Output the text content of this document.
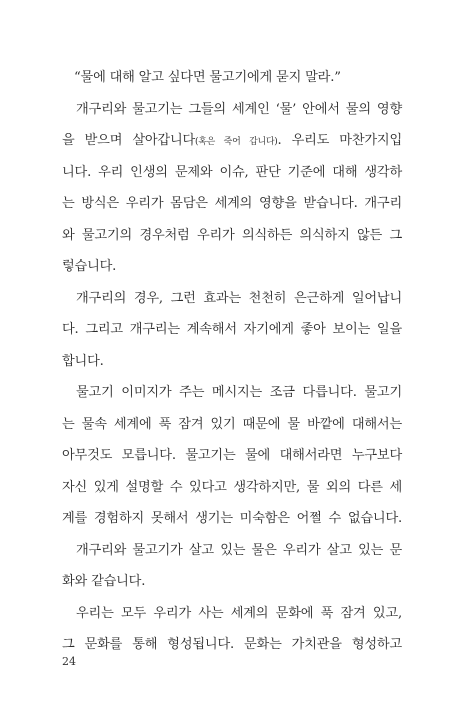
“물에 대해 알고 싶다면 물고기에게 묻지 말라.”
개구리와 물고기는 그들의 세계인 ‘물’ 안에서 물의 영향
을 받으며 살아갑니다(혹은 죽어 갑니다). 우리도 마찬가지입
니다. 우리 인생의 문제와 이슈, 판단 기준에 대해 생각하
는 방식은 우리가 몸담은 세계의 영향을 받습니다. 개구리
와 물고기의 경우처럼 우리가 의식하든 의식하지 않든 그
렇습니다.
개구리의 경우, 그런 효과는 천천히 은근하게 일어납니
다. 그리고 개구리는 계속해서 자기에게 좋아 보이는 일을
합니다.
물고기 이미지가 주는 메시지는 조금 다릅니다. 물고기
는 물속 세계에 푹 잠겨 있기 때문에 물 바깥에 대해서는
아무것도 모릅니다. 물고기는 물에 대해서라면 누구보다
자신 있게 설명할 수 있다고 생각하지만, 물 외의 다른 세
계를 경험하지 못해서 생기는 미숙함은 어쩔 수 없습니다.
개구리와 물고기가 살고 있는 물은 우리가 살고 있는 문
화와 같습니다.
우리는 모두 우리가 사는 세계의 문화에 푹 잠겨 있고,
그 문화를 통해 형성됩니다. 문화는 가치관을 형성하고
24
